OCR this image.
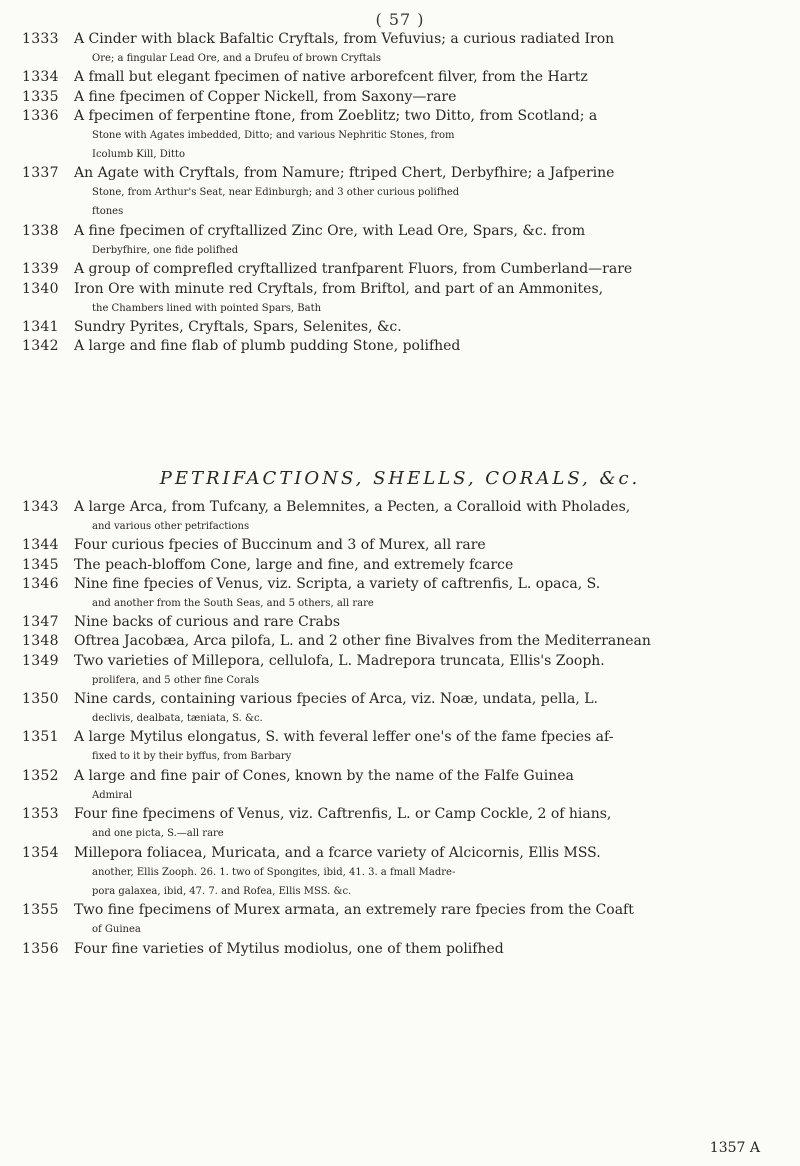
( 57 )
1333	A Cinder with black Bafaltic Cryftals, from Vefuvius; a curious radiated Iron
Ore; a fingular Lead Ore, and a Drufeu of brown Cryftals
1334	A fmall but elegant fpecimen of native arborefcent filver, from the Hartz
1335	A fine fpecimen of Copper Nickell, from Saxony—rare
1336	A fpecimen of ferpentine ftone, from Zoeblitz; two Ditto, from Scotland; a
Stone with Agates imbedded, Ditto; and various Nephritic Stones, from
Icolumb Kill, Ditto
1337	An Agate with Cryftals, from Namure; ftriped Chert, Derbyfhire; a Jafperine
Stone, from Arthur's Seat, near Edinburgh; and 3 other curious polifhed
ftones
1338	A fine fpecimen of cryftallized Zinc Ore, with Lead Ore, Spars, &c. from
Derbyfhire, one fide polifhed
1339	A group of comprefled cryftallized tranfparent Fluors, from Cumberland—rare
1340	Iron Ore with minute red Cryftals, from Briftol, and part of an Ammonites,
the Chambers lined with pointed Spars, Bath
1341	Sundry Pyrites, Cryftals, Spars, Selenites, &c.
1342	A large and fine flab of plumb pudding Stone, polifhed
PETRIFACTIONS, SHELLS, CORALS, &c.
1343	A large Arca, from Tufcany, a Belemnites, a Pecten, a Coralloid with Pholades,
and various other petrifactions
1344	Four curious fpecies of Buccinum and 3 of Murex, all rare
1345	The peach-bloffom Cone, large and fine, and extremely fcarce
1346	Nine fine fpecies of Venus, viz. Scripta, a variety of caftrenfis, L. opaca, S.
and another from the South Seas, and 5 others, all rare
1347	Nine backs of curious and rare Crabs
1348	Oftrea Jacobæa, Arca pilofa, L. and 2 other fine Bivalves from the Mediterranean
1349	Two varieties of Millepora, cellulofa, L. Madrepora truncata, Ellis's Zooph.
prolifera, and 5 other fine Corals
1350	Nine cards, containing various fpecies of Arca, viz. Noæ, undata, pella, L.
declivis, dealbata, tæniata, S. &c.
1351	A large Mytilus elongatus, S. with feveral leffer one's of the fame fpecies af-
fixed to it by their byffus, from Barbary
1352	A large and fine pair of Cones, known by the name of the Falfe Guinea
Admiral
1353	Four fine fpecimens of Venus, viz. Caftrenfis, L. or Camp Cockle, 2 of hians,
and one picta, S.—all rare
1354	Millepora foliacea, Muricata, and a fcarce variety of Alcicornis, Ellis MSS.
another, Ellis Zooph. 26. 1. two of Spongites, ibid, 41. 3. a fmall Madre-
pora galaxea, ibid, 47. 7. and Rofea, Ellis MSS. &c.
1355	Two fine fpecimens of Murex armata, an extremely rare fpecies from the Coaft
of Guinea
1356	Four fine varieties of Mytilus modiolus, one of them polifhed
1357 A
